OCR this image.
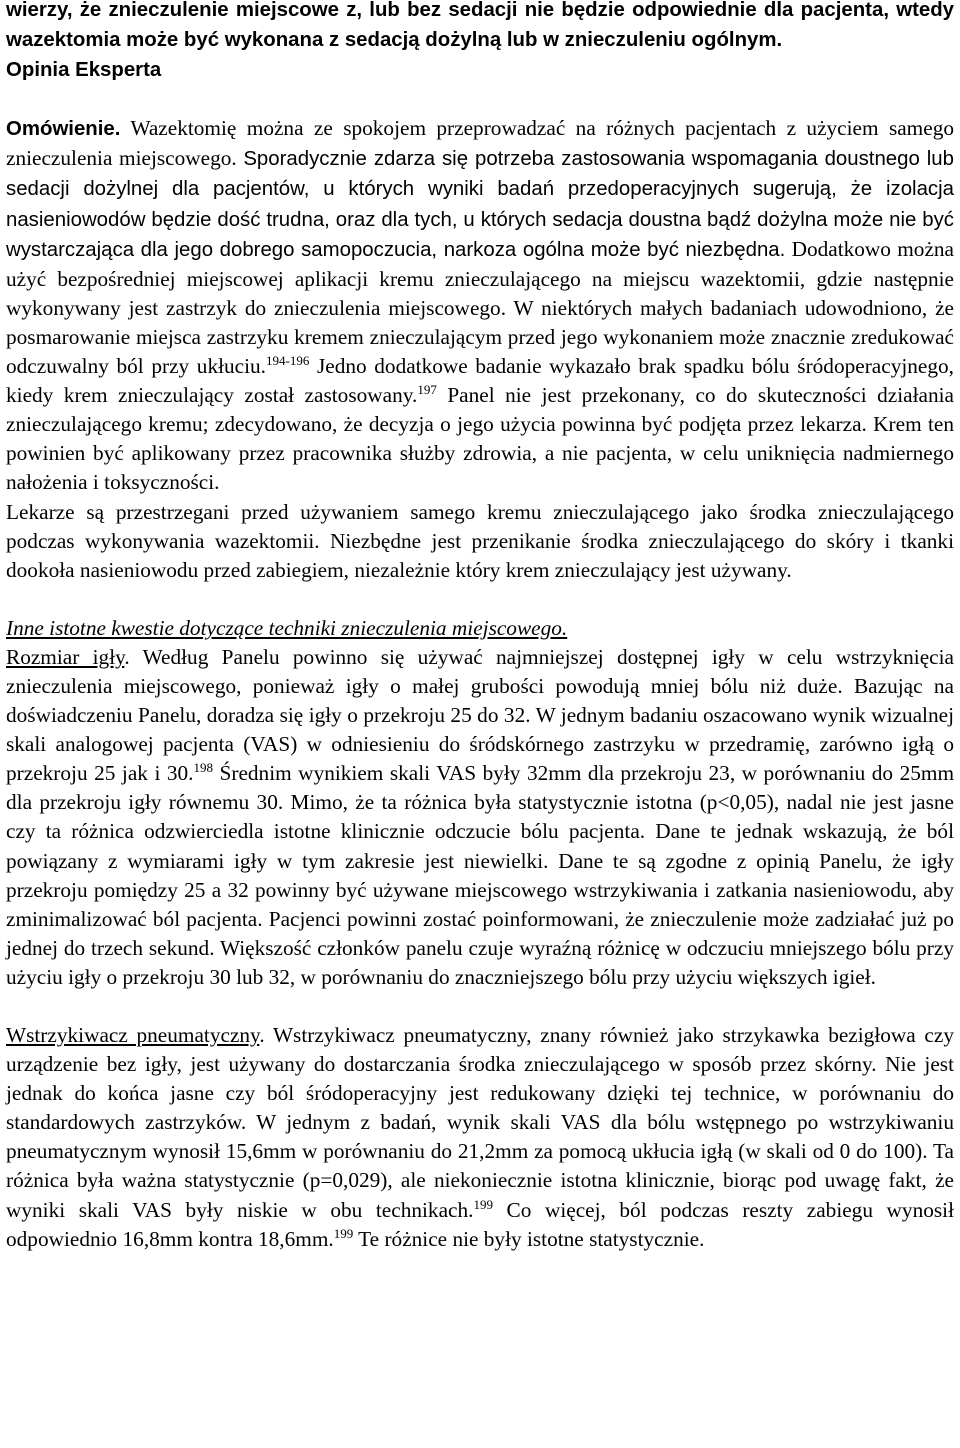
wierzy, że znieczulenie miejscowe z, lub bez sedacji nie będzie odpowiednie dla pacjenta, wtedy wazektomia może być wykonana z sedacją dożylną lub w znieczuleniu ogólnym.
Opinia Eksperta

Omówienie. Wazektomię można ze spokojem przeprowadzać na różnych pacjentach z użyciem samego znieczulenia miejscowego. Sporadycznie zdarza się potrzeba zastosowania wspomagania doustnego lub sedacji dożylnej dla pacjentów, u których wyniki badań przedoperacyjnych sugerują, że izolacja nasieniowodów będzie dość trudna, oraz dla tych, u których sedacja doustna bądź dożylna może nie być wystarczająca dla jego dobrego samopoczucia, narkoza ogólna może być niezbędna. Dodatkowo można użyć bezpośredniej miejscowej aplikacji kremu znieczulającego na miejscu wazektomii, gdzie następnie wykonywany jest zastrzyk do znieczulenia miejscowego. W niektórych małych badaniach udowodniono, że posmarowanie miejsca zastrzyku kremem znieczulającym przed jego wykonaniem może znacznie zredukować odczuwalny ból przy ukłuciu.$^{194-196}$ Jedno dodatkowe badanie wykazało brak spadku bólu śródoperacyjnego, kiedy krem znieczulający został zastosowany.$^{197}$ Panel nie jest przekonany, co do skuteczności działania znieczulającego kremu; zdecydowano, że decyzja o jego użycia powinna być podjęta przez lekarza. Krem ten powinien być aplikowany przez pracownika służby zdrowia, a nie pacjenta, w celu uniknięcia nadmiernego nałożenia i toksyczności.

Lekarze są przestrzegani przed używaniem samego kremu znieczulającego jako środka znieczulającego podczas wykonywania wazektomii. Niezbędne jest przenikanie środka znieczulającego do skóry i tkanki dookoła nasieniowodu przed zabiegiem, niezależnie który krem znieczulający jest używany.

Inne istotne kwestie dotyczące techniki znieczulenia miejscowego.

Rozmiar igły. Według Panelu powinno się używać najmniejszej dostępnej igły w celu wstrzyknięcia znieczulenia miejscowego, ponieważ igły o małej grubości powodują mniej bólu niż duże. Bazując na doświadczeniu Panelu, doradza się igły o przekroju 25 do 32. W jednym badaniu oszacowano wynik wizualnej skali analogowej pacjenta (VAS) w odniesieniu do śródskórnego zastrzyku w przedramię, zarówno igłą o przekroju 25 jak i 30.$^{198}$ Średnim wynikiem skali VAS były 32mm dla przekroju 23, w porównaniu do 25mm dla przekroju igły równemu 30. Mimo, że ta różnica była statystycznie istotna (p<0,05), nadal nie jest jasne czy ta różnica odzwierciedla istotne klinicznie odczucie bólu pacjenta. Dane te jednak wskazują, że ból powiązany z wymiarami igły w tym zakresie jest niewielki. Dane te są zgodne z opinią Panelu, że igły przekroju pomiędzy 25 a 32 powinny być używane miejscowego wstrzykiwania i zatkania nasieniowodu, aby zminimalizować ból pacjenta. Pacjenci powinni zostać poinformowani, że znieczulenie może zadziałać już po jednej do trzech sekund. Większość członków panelu czuje wyraźną różnicę w odczuciu mniejszego bólu przy użyciu igły o przekroju 30 lub 32, w porównaniu do znaczniejszego bólu przy użyciu większych igieł.

Wstrzykiwacz pneumatyczny. Wstrzykiwacz pneumatyczny, znany również jako strzykawka bezigłowa czy urządzenie bez igły, jest używany do dostarczania środka znieczulającego w sposób przez skórny. Nie jest jednak do końca jasne czy ból śródoperacyjny jest redukowany dzięki tej technice, w porównaniu do standardowych zastrzyków. W jednym z badań, wynik skali VAS dla bólu wstępnego po wstrzykiwaniu pneumatycznym wynosił 15,6mm w porównaniu do 21,2mm za pomocą ukłucia igłą (w skali od 0 do 100). Ta różnica była ważna statystycznie (p=0,029), ale niekoniecznie istotna klinicznie, biorąc pod uwagę fakt, że wyniki skali VAS były niskie w obu technikach.$^{199}$ Co więcej, ból podczas reszty zabiegu wynosił odpowiednio 16,8mm kontra 18,6mm.$^{199}$ Te różnice nie były istotne statystycznie.
